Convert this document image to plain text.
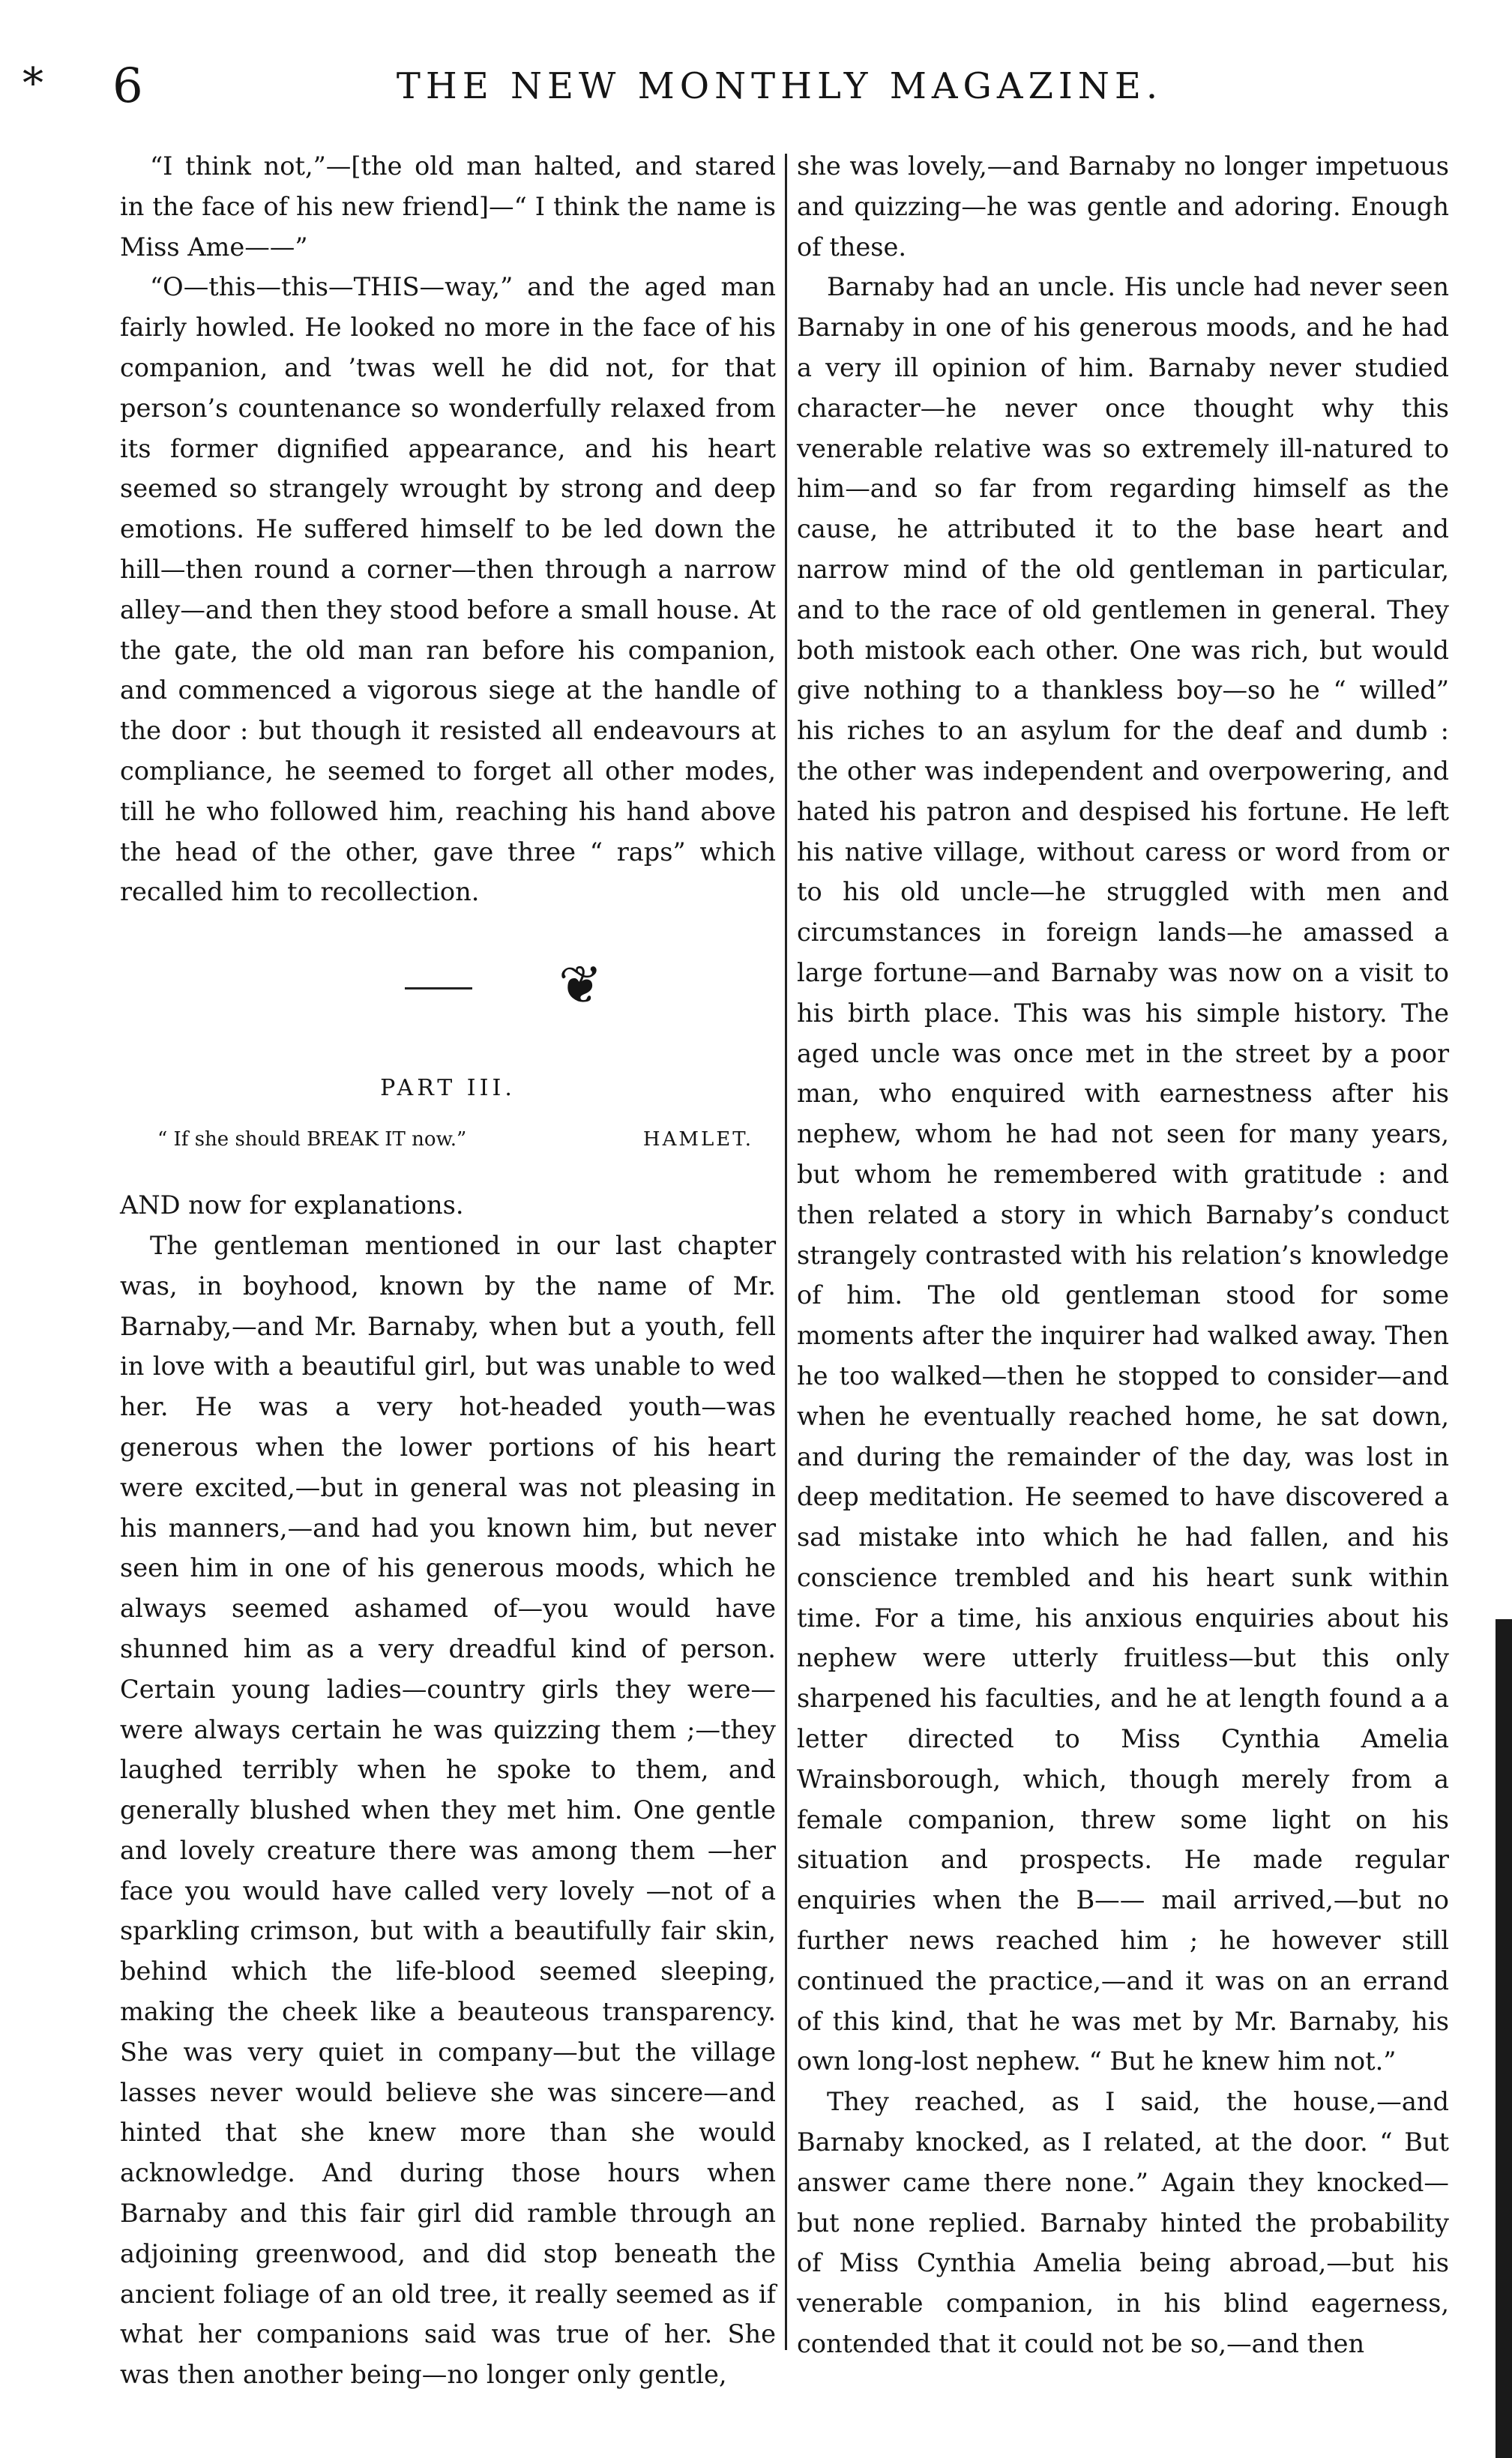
* 6	THE NEW MONTHLY MAGAZINE.

“I think not,”—[the old man halted, and stared in the face of his new friend]—“ I think the name is Miss Ame——”

“O—this—this—THIS—way,” and the aged man fairly howled. He looked no more in the face of his companion, and ’twas well he did not, for that person’s countenance so wonderfully relaxed from its former dignified appearance, and his heart seemed so strangely wrought by strong and deep emotions. He suffered himself to be led down the hill—then round a corner—then through a narrow alley—and then they stood before a small house. At the gate, the old man ran before his companion, and commenced a vigorous siege at the handle of the door : but though it resisted all endeavours at compliance, he seemed to forget all other modes, till he who followed him, reaching his hand above the head of the other, gave three “ raps” which recalled him to recollection.

❦
PART III.
“ If she should BREAK IT now.”	HAMLET.

AND now for explanations.

The gentleman mentioned in our last chapter was, in boyhood, known by the name of Mr. Barnaby,—and Mr. Barnaby, when but a youth, fell in love with a beautiful girl, but was unable to wed her. He was a very hot-headed youth—was generous when the lower portions of his heart were excited,—but in general was not pleasing in his manners,—and had you known him, but never seen him in one of his generous moods, which he always seemed ashamed of—you would have shunned him as a very dreadful kind of person. Certain young ladies—country girls they were—were always certain he was quizzing them ;—they laughed terribly when he spoke to them, and generally blushed when they met him. One gentle and lovely creature there was among them —her face you would have called very lovely —not of a sparkling crimson, but with a beautifully fair skin, behind which the life-blood seemed sleeping, making the cheek like a beauteous transparency. She was very quiet in company—but the village lasses never would believe she was sincere—and hinted that she knew more than she would acknowledge. And during those hours when Barnaby and this fair girl did ramble through an adjoining greenwood, and did stop beneath the ancient foliage of an old tree, it really seemed as if what her companions said was true of her. She was then another being—no longer only gentle,

she was lovely,—and Barnaby no longer impetuous and quizzing—he was gentle and adoring. Enough of these.

Barnaby had an uncle. His uncle had never seen Barnaby in one of his generous moods, and he had a very ill opinion of him. Barnaby never studied character—he never once thought why this venerable relative was so extremely ill-natured to him—and so far from regarding himself as the cause, he attributed it to the base heart and narrow mind of the old gentleman in particular, and to the race of old gentlemen in general. They both mistook each other. One was rich, but would give nothing to a thankless boy—so he “ willed” his riches to an asylum for the deaf and dumb : the other was independent and overpowering, and hated his patron and despised his fortune. He left his native village, without caress or word from or to his old uncle—he struggled with men and circumstances in foreign lands—he amassed a large fortune—and Barnaby was now on a visit to his birth place. This was his simple history. The aged uncle was once met in the street by a poor man, who enquired with earnestness after his nephew, whom he had not seen for many years, but whom he remembered with gratitude : and then related a story in which Barnaby’s conduct strangely contrasted with his relation’s knowledge of him. The old gentleman stood for some moments after the inquirer had walked away. Then he too walked—then he stopped to consider—and when he eventually reached home, he sat down, and during the remainder of the day, was lost in deep meditation. He seemed to have discovered a sad mistake into which he had fallen, and his conscience trembled and his heart sunk within time. For a time, his anxious enquiries about his nephew were utterly fruitless—but this only sharpened his faculties, and he at length found a a letter directed to Miss Cynthia Amelia Wrainsborough, which, though merely from a female companion, threw some light on his situation and prospects. He made regular enquiries when the B—— mail arrived,—but no further news reached him ; he however still continued the practice,—and it was on an errand of this kind, that he was met by Mr. Barnaby, his own long-lost nephew. “ But he knew him not.”

They reached, as I said, the house,—and Barnaby knocked, as I related, at the door. “ But answer came there none.” Again they knocked—but none replied. Barnaby hinted the probability of Miss Cynthia Amelia being abroad,—but his venerable companion, in his blind eagerness, contended that it could not be so,—and then
